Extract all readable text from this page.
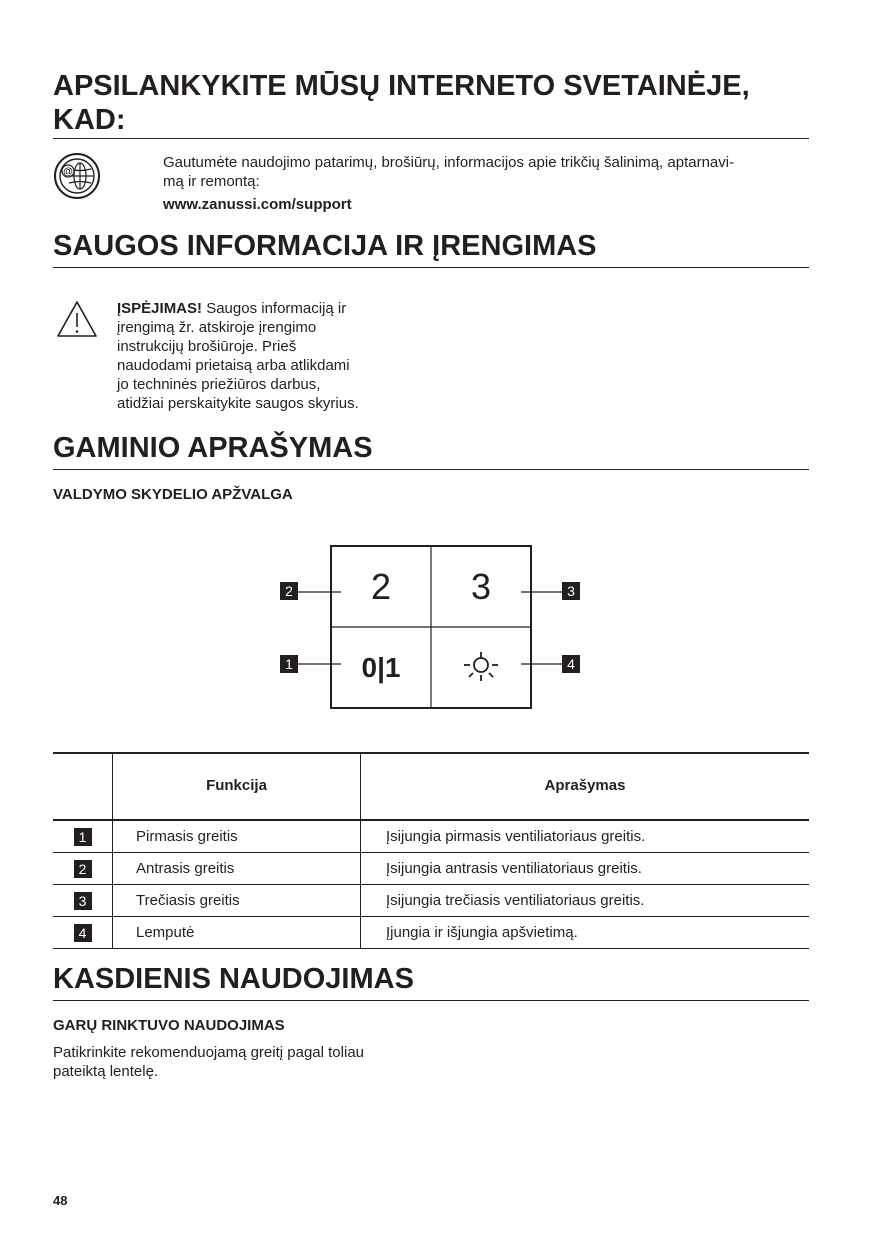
APSILANKYKITE MŪSŲ INTERNETO SVETAINĖJE,
KAD:
@
Gautumėte naudojimo patarimų, brošiūrų, informacijos apie trikčių šalinimą, aptarnavi-
mą ir remontą:
www.zanussi.com/support
SAUGOS INFORMACIJA IR ĮRENGIMAS
ĮSPĖJIMAS! Saugos informaciją ir
įrengimą žr. atskiroje įrengimo
instrukcijų brošiūroje. Prieš
naudodami prietaisą arba atlikdami
jo techninės priežiūros darbus,
atidžiai perskaitykite saugos skyrius.
GAMINIO APRAŠYMAS
VALDYMO SKYDELIO APŽVALGA
2	3
0|1
2	3
1	4
	Funkcija	Aprašymas
1	Pirmasis greitis	Įsijungia pirmasis ventiliatoriaus greitis.
2	Antrasis greitis	Įsijungia antrasis ventiliatoriaus greitis.
3	Trečiasis greitis	Įsijungia trečiasis ventiliatoriaus greitis.
4	Lemputė	Įjungia ir išjungia apšvietimą.
KASDIENIS NAUDOJIMAS
GARŲ RINKTUVO NAUDOJIMAS
Patikrinkite rekomenduojamą greitį pagal toliau
pateiktą lentelę.
48
